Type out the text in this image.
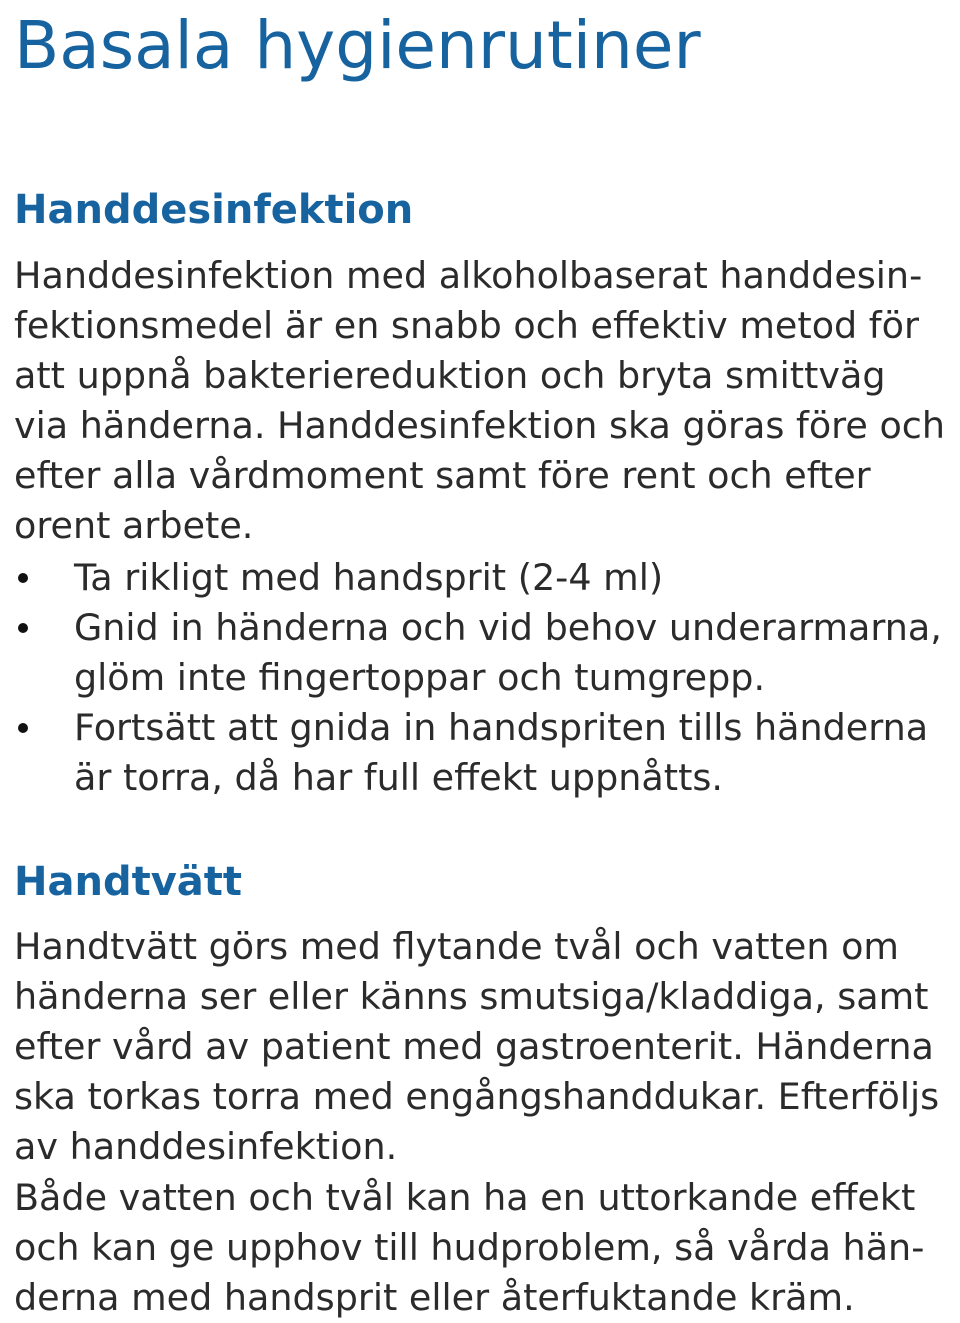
Basala hygienrutiner
Handdesinfektion

Handdesinfektion med alkoholbaserat handdesin-

fektionsmedel är en snabb och effektiv metod för

att uppnå bakteriereduktion och bryta smittväg

via händerna. Handdesinfektion ska göras före och

efter alla vårdmoment samt före rent och efter

orent arbete.

Ta rikligt med handsprit (2-4 ml)

Gnid in händerna och vid behov underarmarna,

glöm inte fingertoppar och tumgrepp.

Fortsätt att gnida in handspriten tills händerna

är torra, då har full effekt uppnåtts.

Handtvätt

Handtvätt görs med flytande tvål och vatten om

händerna ser eller känns smutsiga/kladdiga, samt

efter vård av patient med gastroenterit. Händerna

ska torkas torra med engångshanddukar. Efterföljs

av handdesinfektion.

Både vatten och tvål kan ha en uttorkande effekt

och kan ge upphov till hudproblem, så vårda hän-

derna med handsprit eller återfuktande kräm.
